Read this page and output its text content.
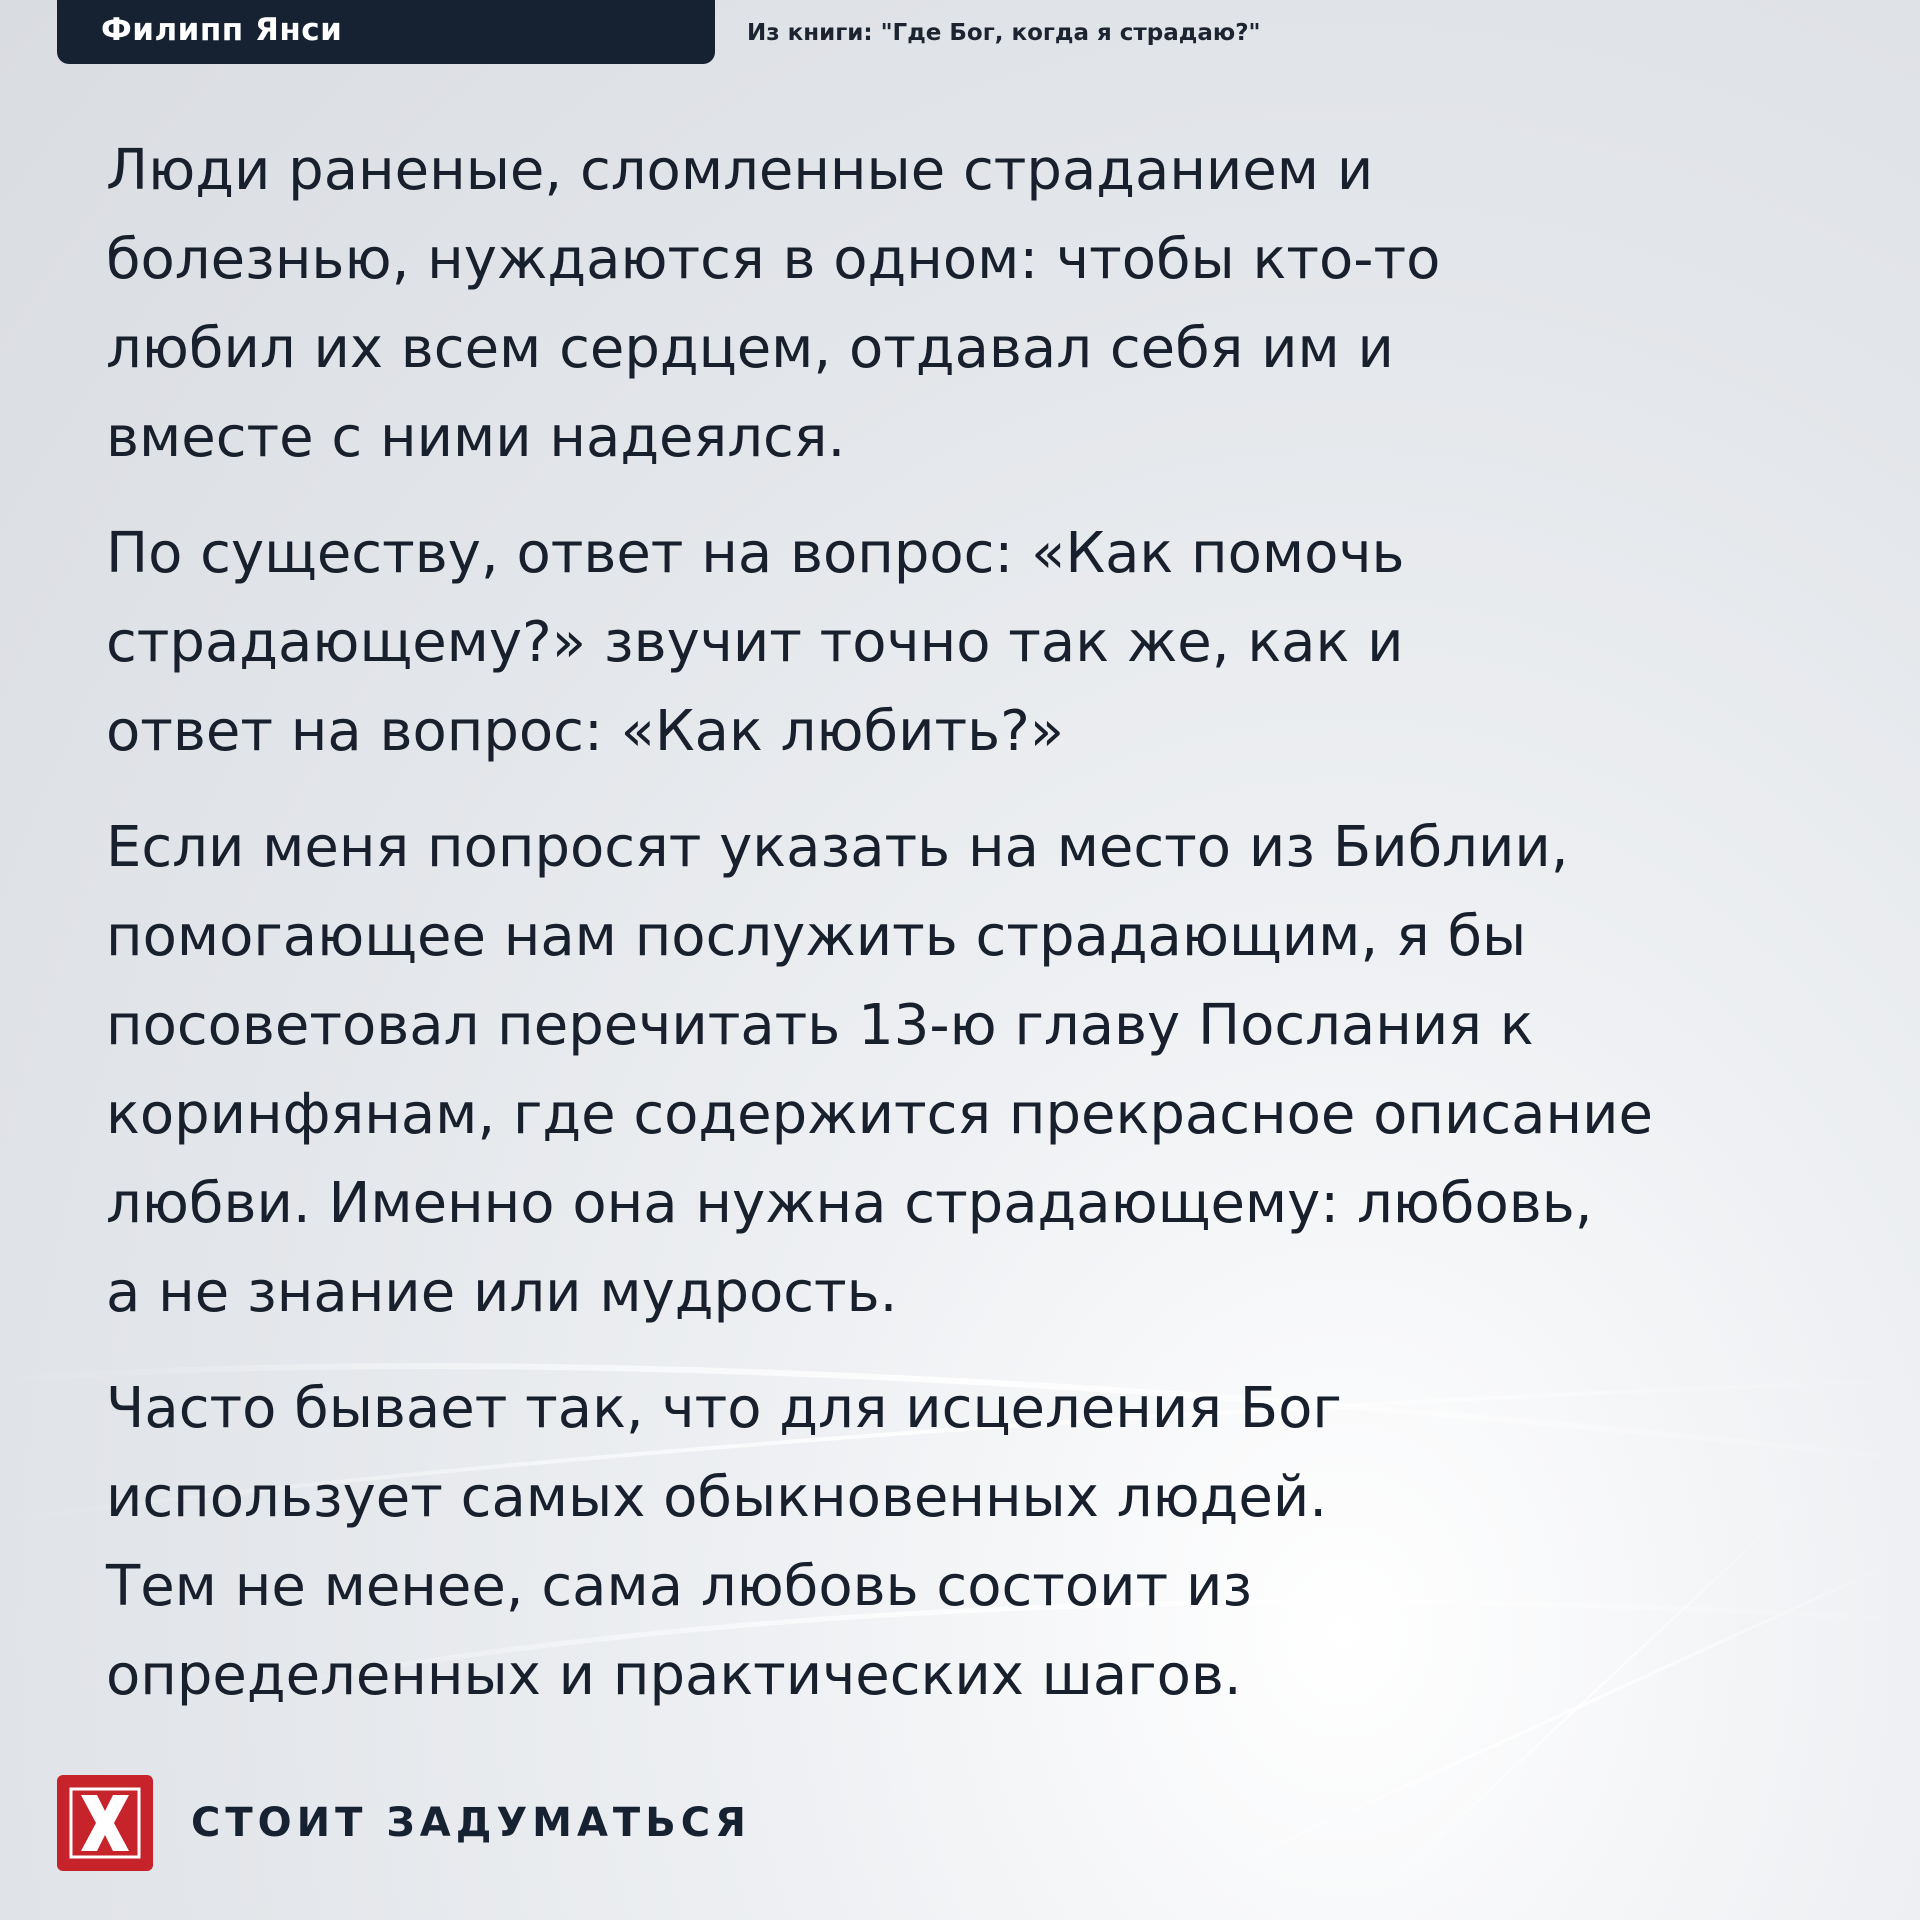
Филипп Янси	Из книги: "Где Бог, когда я страдаю?"

Люди раненые, сломленные страданием и
болезнью, нуждаются в одном: чтобы кто-то
любил их всем сердцем, отдавал себя им и
вместе с ними надеялся.

По существу, ответ на вопрос: «Как помочь
страдающему?» звучит точно так же, как и
ответ на вопрос: «Как любить?»

Если меня попросят указать на место из Библии,
помогающее нам послужить страдающим, я бы
посоветовал перечитать 13-ю главу Послания к
коринфянам, где содержится прекрасное описание
любви. Именно она нужна страдающему: любовь,
а не знание или мудрость.

Часто бывает так, что для исцеления Бог
использует самых обыкновенных людей.
Тем не менее, сама любовь состоит из
определенных и практических шагов.

СТОИТ ЗАДУМАТЬСЯ
